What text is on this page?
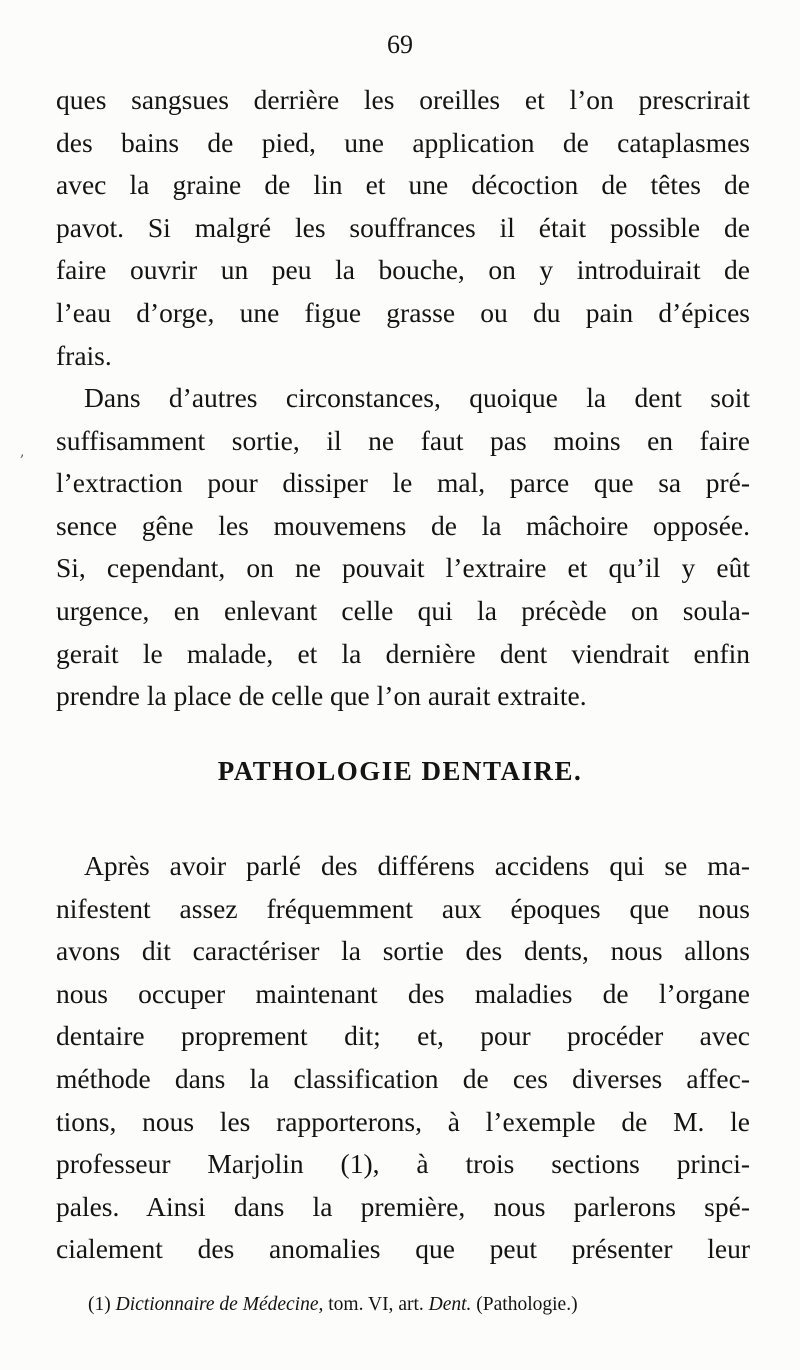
,
69
ques sangsues derrière les oreilles et l’on prescrirait
des bains de pied, une application de cataplasmes
avec la graine de lin et une décoction de têtes de
pavot. Si malgré les souffrances il était possible de
faire ouvrir un peu la bouche, on y introduirait de
l’eau d’orge, une figue grasse ou du pain d’épices
frais.
Dans d’autres circonstances, quoique la dent soit
suffisamment sortie, il ne faut pas moins en faire
l’extraction pour dissiper le mal, parce que sa pré-
sence gêne les mouvemens de la mâchoire opposée.
Si, cependant, on ne pouvait l’extraire et qu’il y eût
urgence, en enlevant celle qui la précède on soula-
gerait le malade, et la dernière dent viendrait enfin
prendre la place de celle que l’on aurait extraite.
PATHOLOGIE DENTAIRE.
Après avoir parlé des différens accidens qui se ma-
nifestent assez fréquemment aux époques que nous
avons dit caractériser la sortie des dents, nous allons
nous occuper maintenant des maladies de l’organe
dentaire proprement dit; et, pour procéder avec
méthode dans la classification de ces diverses affec-
tions, nous les rapporterons, à l’exemple de M. le
professeur Marjolin (1), à trois sections princi-
pales. Ainsi dans la première, nous parlerons spé-
cialement des anomalies que peut présenter leur
(1) Dictionnaire de Médecine, tom. VI, art. Dent. (Pathologie.)
